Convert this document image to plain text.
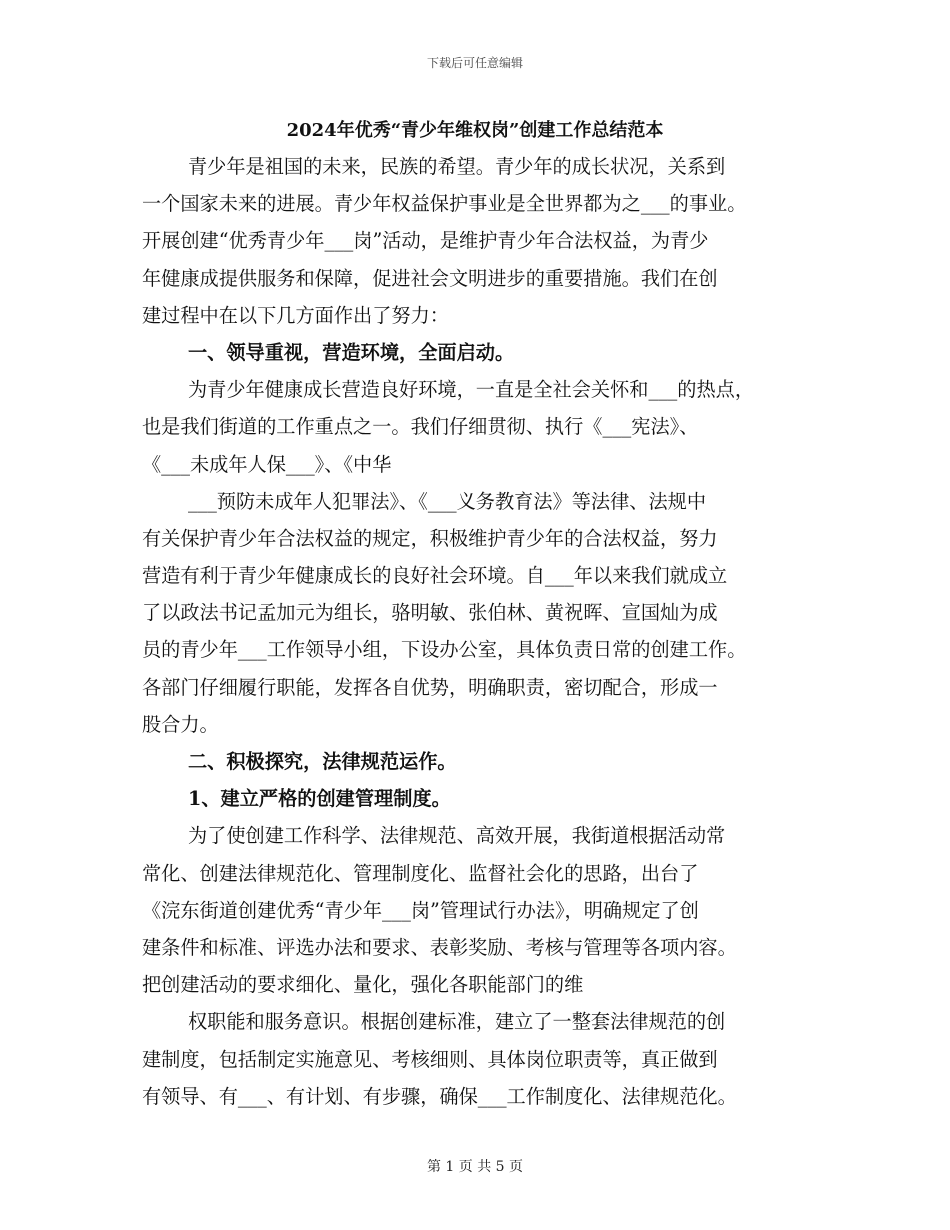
下载后可任意编辑
2024年优秀“青少年维权岗”创建工作总结范本
青少年是祖国的未来，民族的希望。青少年的成长状况，关系到
一个国家未来的进展。青少年权益保护事业是全世界都为之___的事业。
开展创建“优秀青少年___岗”活动，是维护青少年合法权益，为青少
年健康成提供服务和保障，促进社会文明进步的重要措施。我们在创
建过程中在以下几方面作出了努力：
一、领导重视，营造环境，全面启动。
为青少年健康成长营造良好环境，一直是全社会关怀和___的热点，
也是我们街道的工作重点之一。我们仔细贯彻、执行《___宪法》、
《___未成年人保___》、《中华
___预防未成年人犯罪法》、《___义务教育法》等法律、法规中
有关保护青少年合法权益的规定，积极维护青少年的合法权益，努力
营造有利于青少年健康成长的良好社会环境。自___年以来我们就成立
了以政法书记孟加元为组长，骆明敏、张伯林、黄祝晖、宣国灿为成
员的青少年___工作领导小组，下设办公室，具体负责日常的创建工作。
各部门仔细履行职能，发挥各自优势，明确职责，密切配合，形成一
股合力。
二、积极探究，法律规范运作。
1、建立严格的创建管理制度。
为了使创建工作科学、法律规范、高效开展，我街道根据活动常
常化、创建法律规范化、管理制度化、监督社会化的思路，出台了
《浣东街道创建优秀“青少年___岗”管理试行办法》，明确规定了创
建条件和标准、评选办法和要求、表彰奖励、考核与管理等各项内容。
把创建活动的要求细化、量化，强化各职能部门的维
权职能和服务意识。根据创建标准，建立了一整套法律规范的创
建制度，包括制定实施意见、考核细则、具体岗位职责等，真正做到
有领导、有___、有计划、有步骤，确保___工作制度化、法律规范化。
第 1 页 共 5 页
